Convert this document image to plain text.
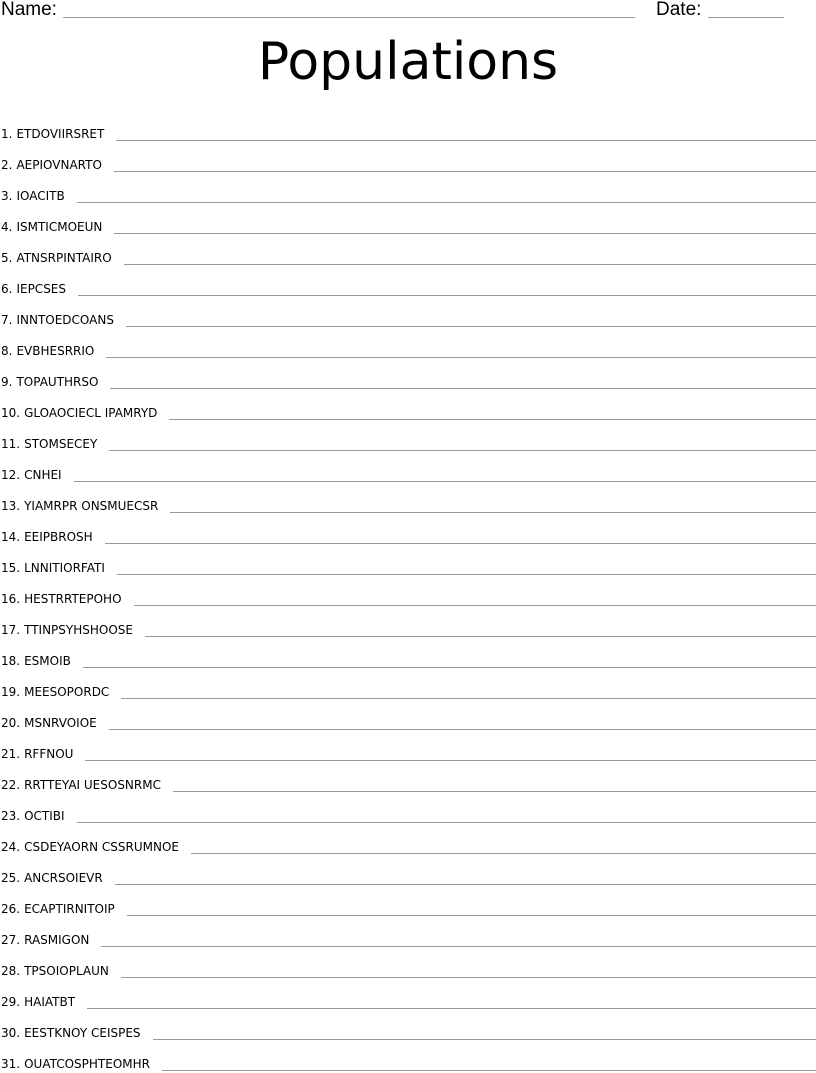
Name:	Date:
Populations
1. ETDOVIIRSRET
2. AEPIOVNARTO
3. IOACITB
4. ISMTICMOEUN
5. ATNSRPINTAIRO
6. IEPCSES
7. INNTOEDCOANS
8. EVBHESRRIO
9. TOPAUTHRSO
10. GLOAOCIECL IPAMRYD
11. STOMSECEY
12. CNHEI
13. YIAMRPR ONSMUECSR
14. EEIPBROSH
15. LNNITIORFATI
16. HESTRRTEPOHO
17. TTINPSYHSHOOSE
18. ESMOIB
19. MEESOPORDC
20. MSNRVOIOE
21. RFFNOU
22. RRTTEYAI UESOSNRMC
23. OCTIBI
24. CSDEYAORN CSSRUMNOE
25. ANCRSOIEVR
26. ECAPTIRNITOIP
27. RASMIGON
28. TPSOIOPLAUN
29. HAIATBT
30. EESTKNOY CEISPES
31. OUATCOSPHTEOMHR
